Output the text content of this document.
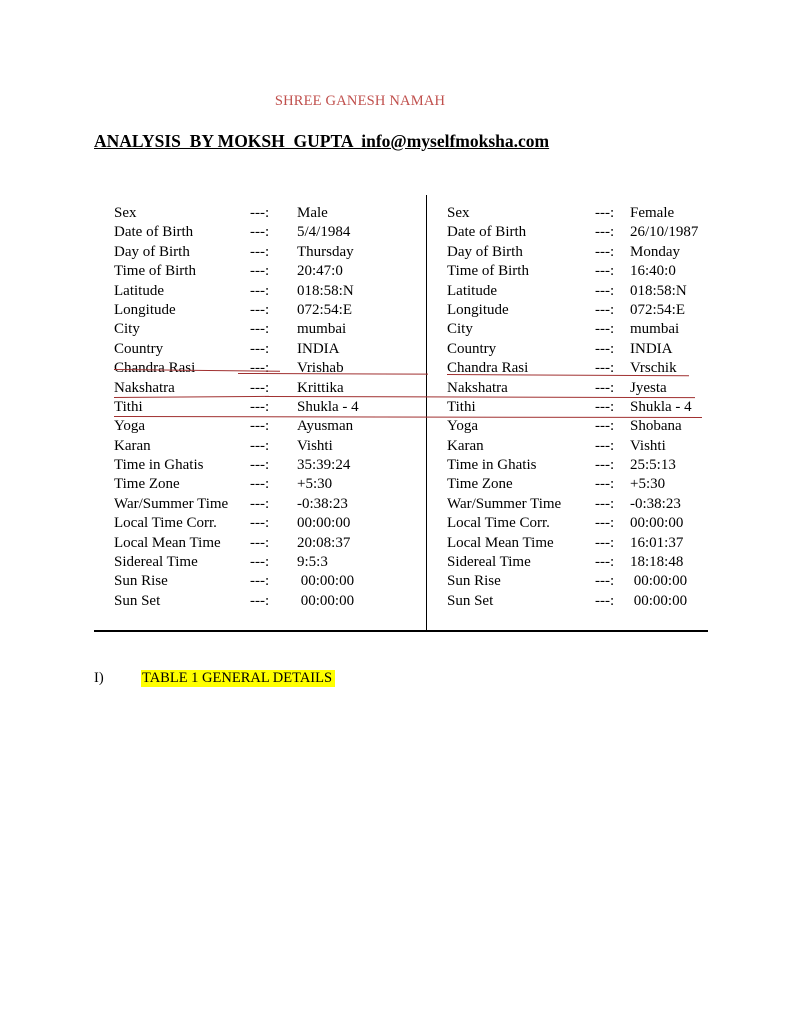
SHREE GANESH NAMAH
ANALYSIS  BY MOKSH  GUPTA  info@myselfmoksha.com
Sex	---: Male
Date of Birth	---: 5/4/1984
Day of Birth	---: Thursday
Time of Birth	---: 20:47:0
Latitude	---: 018:58:N
Longitude	---: 072:54:E
City	---: mumbai
Country	---: INDIA
Chandra Rasi	---: Vrishab
Nakshatra	---: Krittika
Tithi	---: Shukla - 4
Yoga	---: Ayusman
Karan	---: Vishti
Time in Ghatis	---: 35:39:24
Time Zone	---: +5:30
War/Summer Time ---: -0:38:23
Local Time Corr. ---: 00:00:00
Local Mean Time ---: 20:08:37
Sidereal Time	---: 9:5:3
Sun Rise	---: 00:00:00
Sun Set	---: 00:00:00
Sex	---: Female
Date of Birth	---: 26/10/1987
Day of Birth	---: Monday
Time of Birth	---: 16:40:0
Latitude	---: 018:58:N
Longitude	---: 072:54:E
City	---: mumbai
Country	---: INDIA
Chandra Rasi	---: Vrschik
Nakshatra	---: Jyesta
Tithi	---: Shukla - 4
Yoga	---: Shobana
Karan	---: Vishti
Time in Ghatis	---: 25:5:13
Time Zone	---: +5:30
War/Summer Time ---: -0:38:23
Local Time Corr.	---: 00:00:00
Local Mean Time	---: 16:01:37
Sidereal Time	---: 18:18:48
Sun Rise	---: 00:00:00
Sun Set	---: 00:00:00
I)	TABLE 1 GENERAL DETAILS
